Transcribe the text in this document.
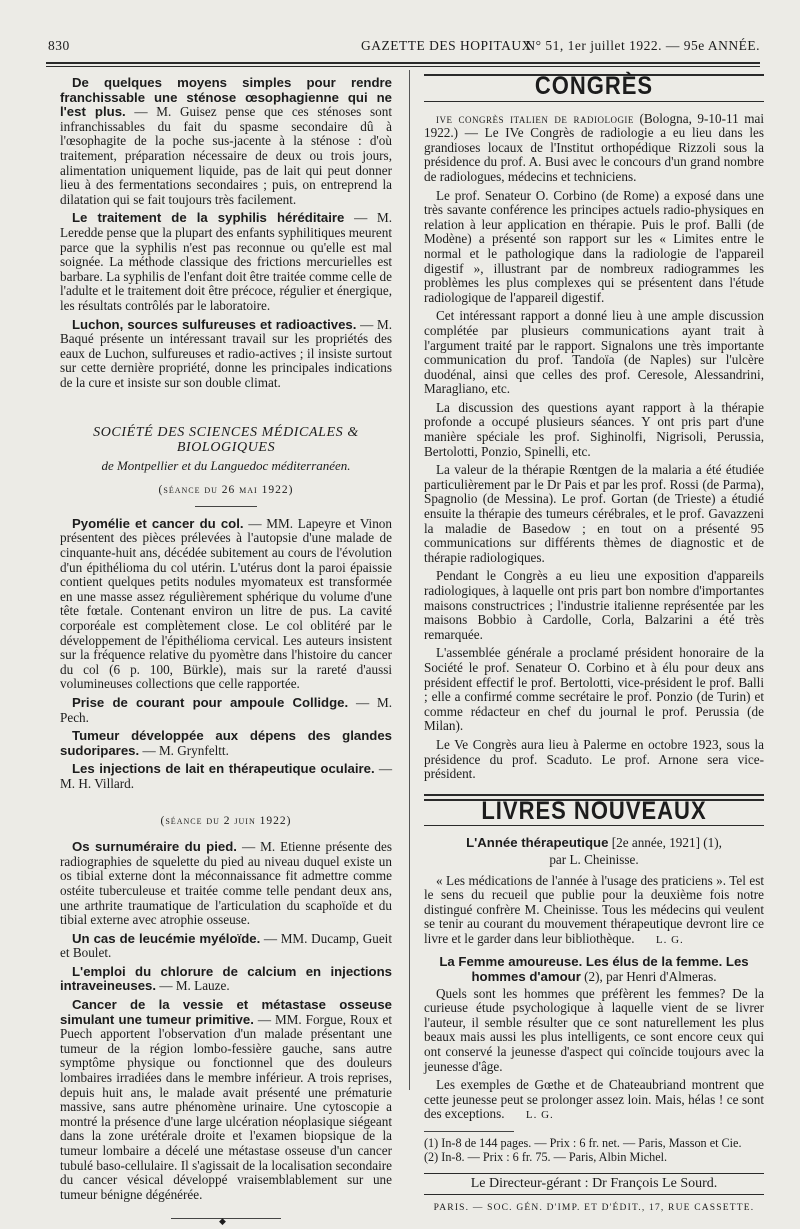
830	GAZETTE DES HOPITAUX
N° 51, 1er juillet 1922. — 95e ANNÉE.

De quelques moyens simples pour rendre franchissable une sténose œsophagienne qui ne l'est plus. — M. Guisez pense que ces sténoses sont infranchissables du fait du spasme secondaire dû à l'œsophagite de la poche sus-jacente à la sténose : d'où traitement, préparation nécessaire de deux ou trois jours, alimentation uniquement liquide, pas de lait qui peut donner lieu à des fermentations secondaires ; puis, on entreprend la dilatation qui se fait toujours très facilement.

Le traitement de la syphilis héréditaire — M. Leredde pense que la plupart des enfants syphilitiques meurent parce que la syphilis n'est pas reconnue ou qu'elle est mal soignée. La méthode classique des frictions mercurielles est barbare. La syphilis de l'enfant doit être traitée comme celle de l'adulte et le traitement doit être précoce, régulier et énergique, les résultats contrôlés par le laboratoire.

Luchon, sources sulfureuses et radioactives. — M. Baqué présente un intéressant travail sur les propriétés des eaux de Luchon, sulfureuses et radio-actives ; il insiste surtout sur cette dernière propriété, donne les principales indications de la cure et insiste sur son double climat.

SOCIÉTÉ DES SCIENCES MÉDICALES & BIOLOGIQUES
de Montpellier et du Languedoc méditerranéen.
(séance du 26 mai 1922)

Pyomélie et cancer du col. — MM. Lapeyre et Vinon présentent des pièces prélevées à l'autopsie d'une malade de cinquante-huit ans, décédée subitement au cours de l'évolution d'un épithélioma du col utérin. L'utérus dont la paroi épaissie contient quelques petits nodules myomateux est transformée en une masse assez régulièrement sphérique du volume d'une tête fœtale. Contenant environ un litre de pus. La cavité corporéale est complètement close. Le col oblitéré par le développement de l'épithélioma cervical. Les auteurs insistent sur la fréquence relative du pyomètre dans l'histoire du cancer du col (6 p. 100, Bürkle), mais sur la rareté d'aussi volumineuses collections que celle rapportée.

Prise de courant pour ampoule Collidge. — M. Pech.

Tumeur développée aux dépens des glandes sudoripares. — M. Grynfeltt.

Les injections de lait en thérapeutique oculaire. — M. H. Villard.

(séance du 2 juin 1922)

Os surnuméraire du pied. — M. Etienne présente des radiographies de squelette du pied au niveau duquel existe un os tibial externe dont la méconnaissance fit admettre comme ostéite tuberculeuse et traitée comme telle pendant deux ans, une arthrite traumatique de l'articulation du scaphoïde et du tibial externe avec atrophie osseuse.

Un cas de leucémie myéloïde. — MM. Ducamp, Gueit et Boulet.

L'emploi du chlorure de calcium en injections intraveineuses. — M. Lauze.

Cancer de la vessie et métastase osseuse simulant une tumeur primitive. — MM. Forgue, Roux et Puech apportent l'observation d'un malade présentant une tumeur de la région lombo-fessière gauche, sans autre symptôme physique ou fonctionnel que des douleurs lombaires irradiées dans le membre inférieur. A trois reprises, depuis huit ans, le malade avait présenté une prématurie massive, sans autre phénomène urinaire. Une cytoscopie a montré la présence d'une large ulcération néoplasique siégeant dans la zone urétérale droite et l'examen biopsique de la tumeur lombaire a décelé une métastase osseuse d'un cancer tubulé baso-cellulaire. Il s'agissait de la localisation secondaire du cancer vésical développé vraisemblablement sur une tumeur bénigne dégénérée.

◆
CONGRÈS

ive congrès italien de radiologie (Bologna, 9-10-11 mai 1922.) — Le IVe Congrès de radiologie a eu lieu dans les grandioses locaux de l'Institut orthopédique Rizzoli sous la présidence du prof. A. Busi avec le concours d'un grand nombre de radiologues, médecins et techniciens.

Le prof. Senateur O. Corbino (de Rome) a exposé dans une très savante conférence les principes actuels radio-physiques en relation à leur application en thérapie. Puis le prof. Balli (de Modène) a présenté son rapport sur les « Limites entre le normal et le pathologique dans la radiologie de l'appareil digestif », illustrant par de nombreux radiogrammes les problèmes les plus complexes qui se présentent dans l'étude radiologique de l'appareil digestif.

Cet intéressant rapport a donné lieu à une ample discussion complétée par plusieurs communications ayant trait à l'argument traité par le rapport. Signalons une très importante communication du prof. Tandoïa (de Naples) sur l'ulcère duodénal, ainsi que celles des prof. Ceresole, Alessandrini, Maragliano, etc.

La discussion des questions ayant rapport à la thérapie profonde a occupé plusieurs séances. Y ont pris part d'une manière spéciale les prof. Sighinolfi, Nigrisoli, Perussia, Bertolotti, Ponzio, Spinelli, etc.

La valeur de la thérapie Rœntgen de la malaria a été étudiée particulièrement par le Dr Pais et par les prof. Rossi (de Parma), Spagnolio (de Messina). Le prof. Gortan (de Trieste) a étudié ensuite la thérapie des tumeurs cérébrales, et le prof. Gavazzeni la maladie de Basedow ; en tout on a présenté 95 communications sur différents thèmes de diagnostic et de thérapie radiologiques.

Pendant le Congrès a eu lieu une exposition d'appareils radiologiques, à laquelle ont pris part bon nombre d'importantes maisons constructrices ; l'industrie italienne représentée par les maisons Bobbio à Cardolle, Corla, Balzarini a été très remarquée.

L'assemblée générale a proclamé président honoraire de la Société le prof. Senateur O. Corbino et à élu pour deux ans président effectif le prof. Bertolotti, vice-président le prof. Balli ; elle a confirmé comme secrétaire le prof. Ponzio (de Turin) et comme rédacteur en chef du journal le prof. Perussia (de Milan).

Le Ve Congrès aura lieu à Palerme en octobre 1923, sous la présidence du prof. Scaduto. Le prof. Arnone sera vice-président.

LIVRES NOUVEAUX
L'Année thérapeutique [2e année, 1921] (1),
par L. Cheinisse.

« Les médications de l'année à l'usage des praticiens ». Tel est le sens du recueil que publie pour la deuxième fois notre distingué confrère M. Cheinisse. Tous les médecins qui veulent se tenir au courant du mouvement thérapeutique devront lire ce livre et le garder dans leur bibliothèque. L. G.

La Femme amoureuse. Les élus de la femme. Les hommes d'amour (2), par Henri d'Almeras.

Quels sont les hommes que préfèrent les femmes? De la curieuse étude psychologique à laquelle vient de se livrer l'auteur, il semble résulter que ce sont naturellement les plus beaux mais aussi les plus intelligents, ce sont encore ceux qui ont conservé la jeunesse d'aspect qui coïncide toujours avec la jeunesse d'âge.

Les exemples de Gœthe et de Chateaubriand montrent que cette jeunesse peut se prolonger assez loin. Mais, hélas ! ce sont des exceptions. L. G.

(1) In-8 de 144 pages. — Prix : 6 fr. net. — Paris, Masson et Cie.

(2) In-8. — Prix : 6 fr. 75. — Paris, Albin Michel.

Le Directeur-gérant : Dr François Le Sourd.
PARIS. — SOC. GÉN. D'IMP. ET D'ÉDIT., 17, RUE CASSETTE.
